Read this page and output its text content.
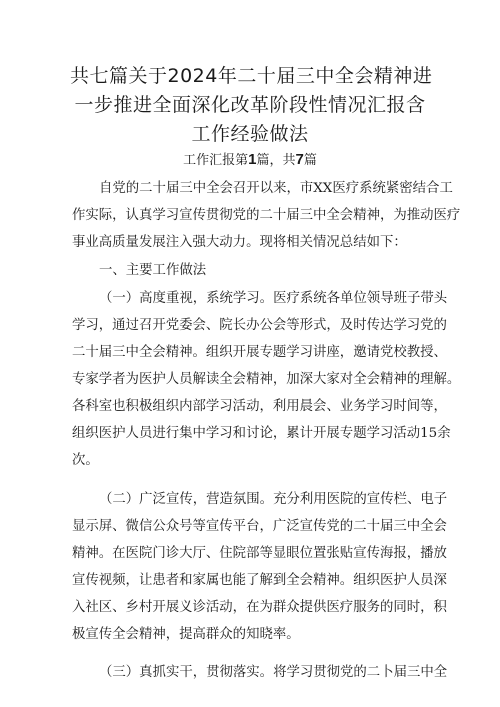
共七篇关于2024年二十届三中全会精神进
一步推进全面深化改革阶段性情况汇报含
工作经验做法
工作汇报第1篇，共7篇
自党的二十届三中全会召开以来，市XX医疗系统紧密结合工
作实际，认真学习宣传贯彻党的二十届三中全会精神，为推动医疗
事业高质量发展注入强大动力。现将相关情况总结如下：
一、主要工作做法
（一）高度重视，系统学习。医疗系统各单位领导班子带头
学习，通过召开党委会、院长办公会等形式，及时传达学习党的
二十届三中全会精神。组织开展专题学习讲座，邀请党校教授、
专家学者为医护人员解读全会精神，加深大家对全会精神的理解。
各科室也积极组织内部学习活动，利用晨会、业务学习时间等，
组织医护人员进行集中学习和讨论，累计开展专题学习活动15余
次。
（二）广泛宣传，营造氛围。充分利用医院的宣传栏、电子
显示屏、微信公众号等宣传平台，广泛宣传党的二十届三中全会
精神。在医院门诊大厅、住院部等显眼位置张贴宣传海报，播放
宣传视频，让患者和家属也能了解到全会精神。组织医护人员深
入社区、乡村开展义诊活动，在为群众提供医疗服务的同时，积
极宣传全会精神，提高群众的知晓率。
（三）真抓实干，贯彻落实。将学习贯彻党的二卜届三中全
